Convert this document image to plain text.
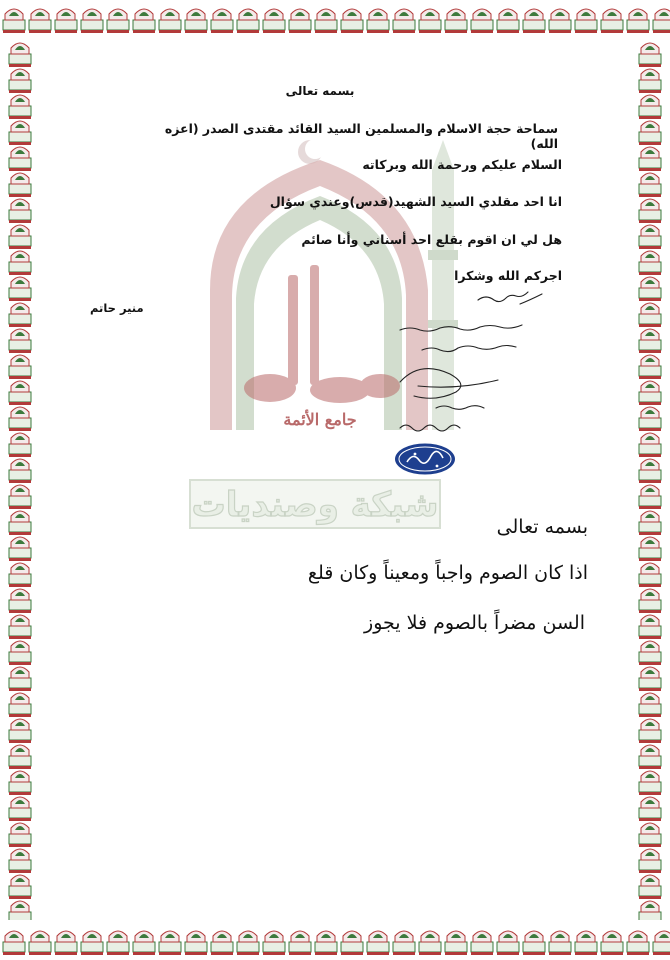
جامع الأئمة
شبكة وصنديات
بسمه تعالى
سماحة حجة الاسلام والمسلمين السيد القائد مقتدى الصدر (اعزه الله)
السلام عليكم ورحمة الله وبركاته
انا احد مقلدي السيد الشهيد(قدس)وعندي سؤال
هل لي ان اقوم بقلع احد أسناني وأنا صائم
اجركم الله وشكرا
منير حاتم
بسمه تعالى
اذا كان الصوم واجباً ومعيناً وكان قلع
السن مضراً بالصوم فلا يجوز
